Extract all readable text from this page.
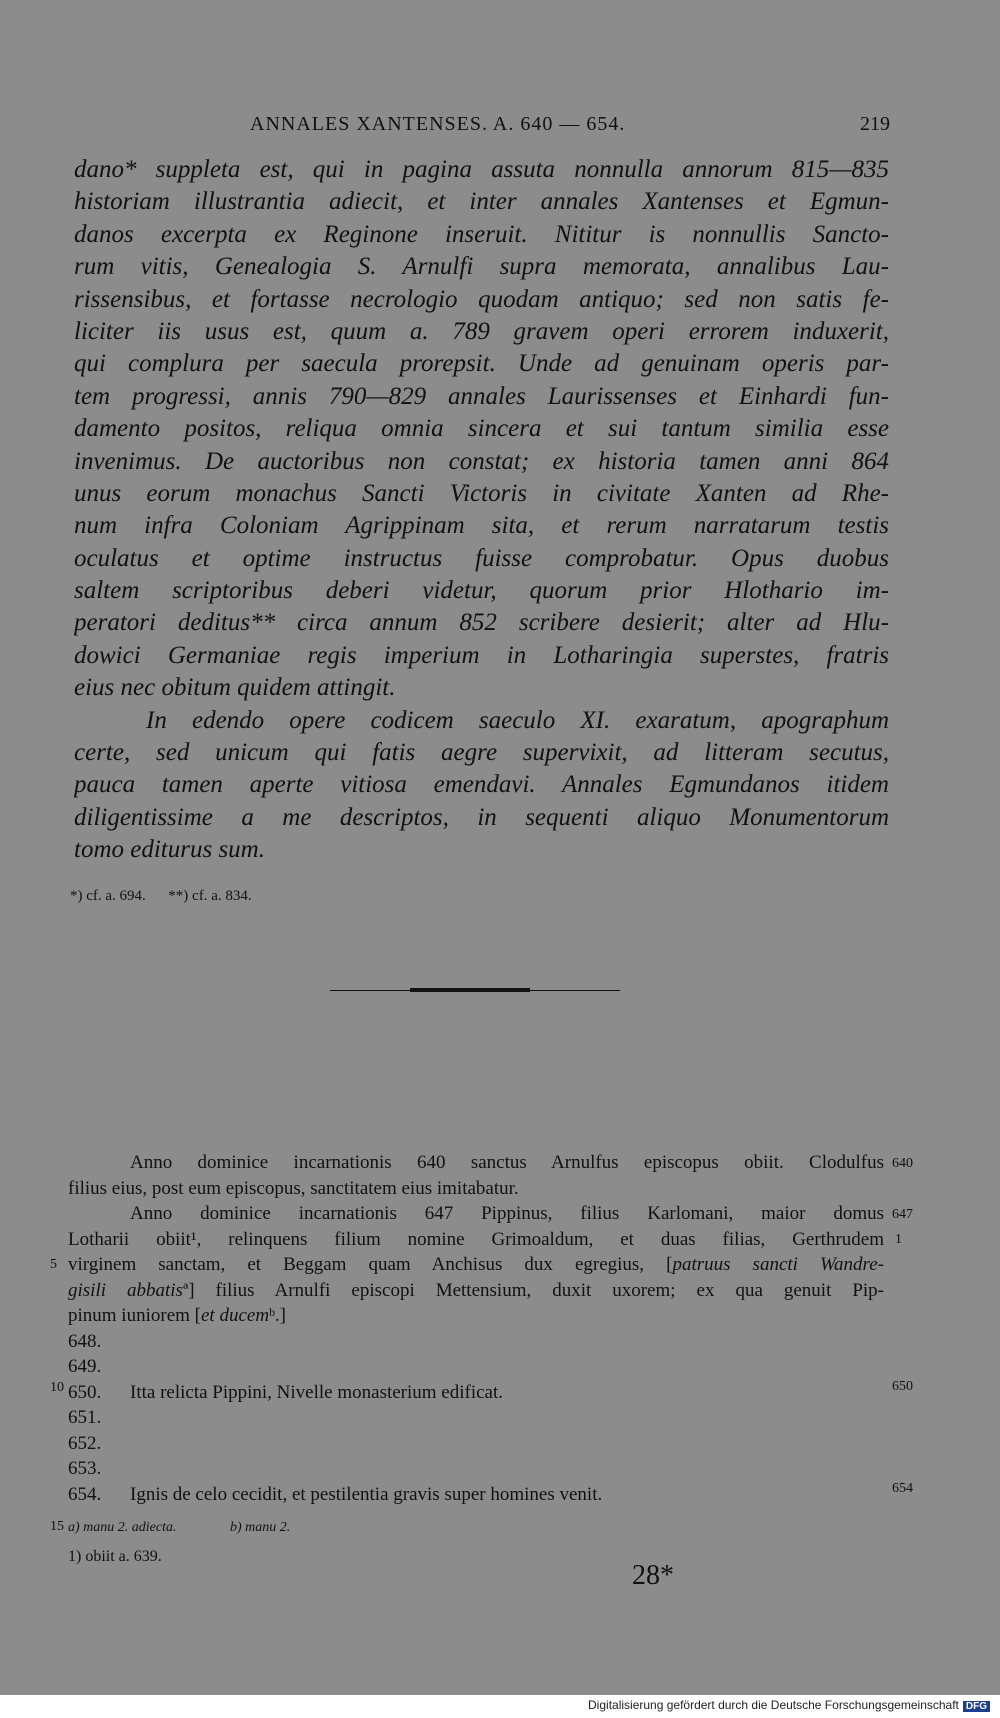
ANNALES XANTENSES. A. 640 — 654.	219
dano* suppleta est, qui in pagina assuta nonnulla annorum 815—835
historiam illustrantia adiecit, et inter annales Xantenses et Egmun-
danos excerpta ex Reginone inseruit. Nititur is nonnullis Sancto-
rum vitis, Genealogia S. Arnulfi supra memorata, annalibus Lau-
rissensibus, et fortasse necrologio quodam antiquo; sed non satis fe-
liciter iis usus est, quum a. 789 gravem operi errorem induxerit,
qui complura per saecula prorepsit. Unde ad genuinam operis par-
tem progressi, annis 790—829 annales Laurissenses et Einhardi fun-
damento positos, reliqua omnia sincera et sui tantum similia esse
invenimus. De auctoribus non constat; ex historia tamen anni 864
unus eorum monachus Sancti Victoris in civitate Xanten ad Rhe-
num infra Coloniam Agrippinam sita, et rerum narratarum testis
oculatus et optime instructus fuisse comprobatur. Opus duobus
saltem scriptoribus deberi videtur, quorum prior Hlothario im-
peratori deditus** circa annum 852 scribere desierit; alter ad Hlu-
dowici Germaniae regis imperium in Lotharingia superstes, fratris
eius nec obitum quidem attingit.
In edendo opere codicem saeculo XI. exaratum, apographum
certe, sed unicum qui fatis aegre supervixit, ad litteram secutus,
pauca tamen aperte vitiosa emendavi. Annales Egmundanos itidem
diligentissime a me descriptos, in sequenti aliquo Monumentorum
tomo editurus sum.
*) cf. a. 694.      **) cf. a. 834.
Anno dominice incarnationis 640 sanctus Arnulfus episcopus obiit. Clodulfus
filius eius, post eum episcopus, sanctitatem eius imitabatur.
Anno dominice incarnationis 647 Pippinus, filius Karlomani, maior domus
Lotharii obiit¹, relinquens filium nomine Grimoaldum, et duas filias, Gerthrudem
virginem sanctam, et Beggam quam Anchisus dux egregius, [patruus sancti Wandre-
gisili abbatisª] filius Arnulfi episcopi Mettensium, duxit uxorem; ex qua genuit Pip-
pinum iuniorem [et ducemᵇ.]
648.
649.
650. Itta relicta Pippini, Nivelle monasterium edificat.
651.
652.
653.
654. Ignis de celo cecidit, et pestilentia gravis super homines venit.
640
647
650
654
1
5
10
15 a) manu 2. adiecta.	b) manu 2.
1) obiit a. 639.
28*
Digitalisierung gefördert durch die Deutsche Forschungsgemeinschaft DFG
